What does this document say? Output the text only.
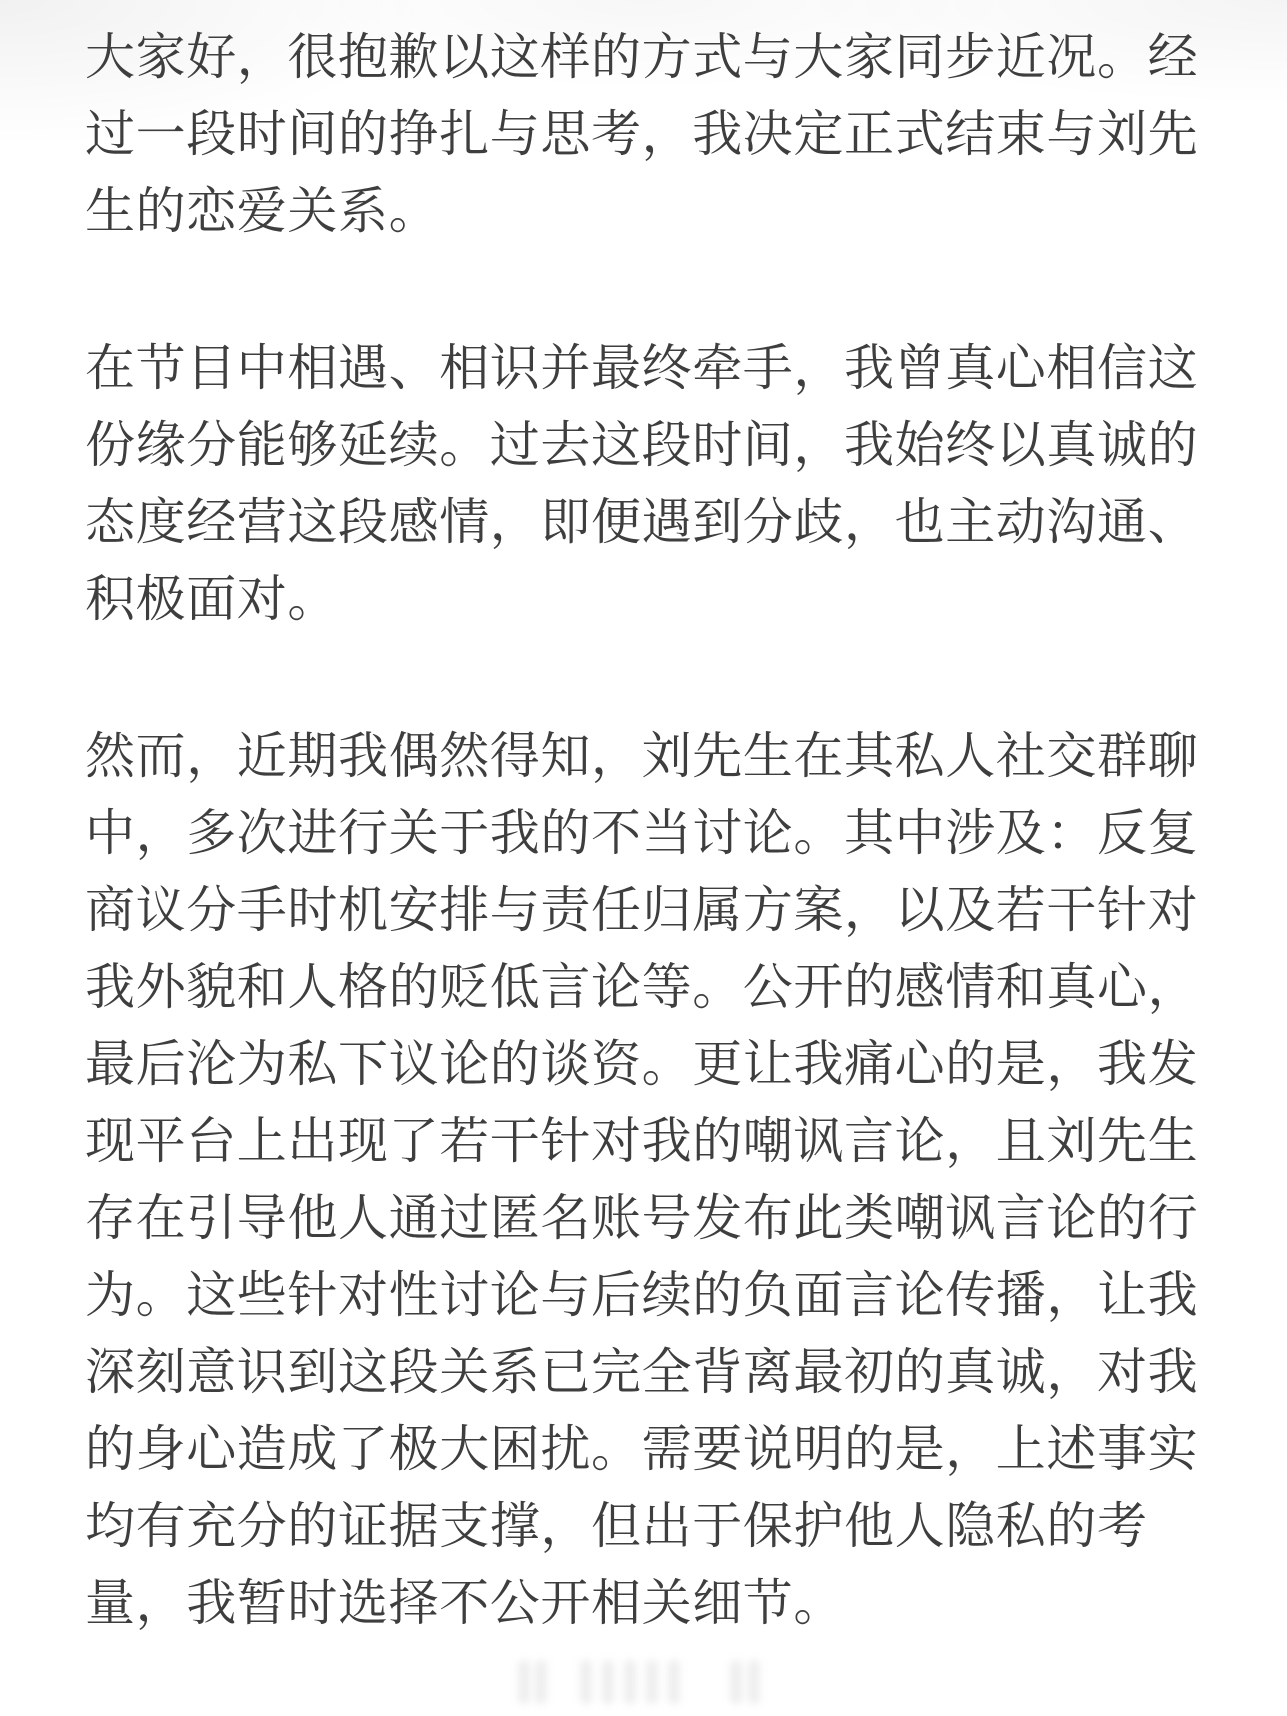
大家好，很抱歉以这样的方式与大家同步近况。经
过一段时间的挣扎与思考，我决定正式结束与刘先
生的恋爱关系。
在节目中相遇、相识并最终牵手，我曾真心相信这
份缘分能够延续。过去这段时间，我始终以真诚的
态度经营这段感情，即便遇到分歧，也主动沟通、
积极面对。
然而，近期我偶然得知，刘先生在其私人社交群聊
中，多次进行关于我的不当讨论。其中涉及：反复
商议分手时机安排与责任归属方案，以及若干针对
我外貌和人格的贬低言论等。公开的感情和真心，
最后沦为私下议论的谈资。更让我痛心的是，我发
现平台上出现了若干针对我的嘲讽言论，且刘先生
存在引导他人通过匿名账号发布此类嘲讽言论的行
为。这些针对性讨论与后续的负面言论传播，让我
深刻意识到这段关系已完全背离最初的真诚，对我
的身心造成了极大困扰。需要说明的是，上述事实
均有充分的证据支撑，但出于保护他人隐私的考
量，我暂时选择不公开相关细节。
